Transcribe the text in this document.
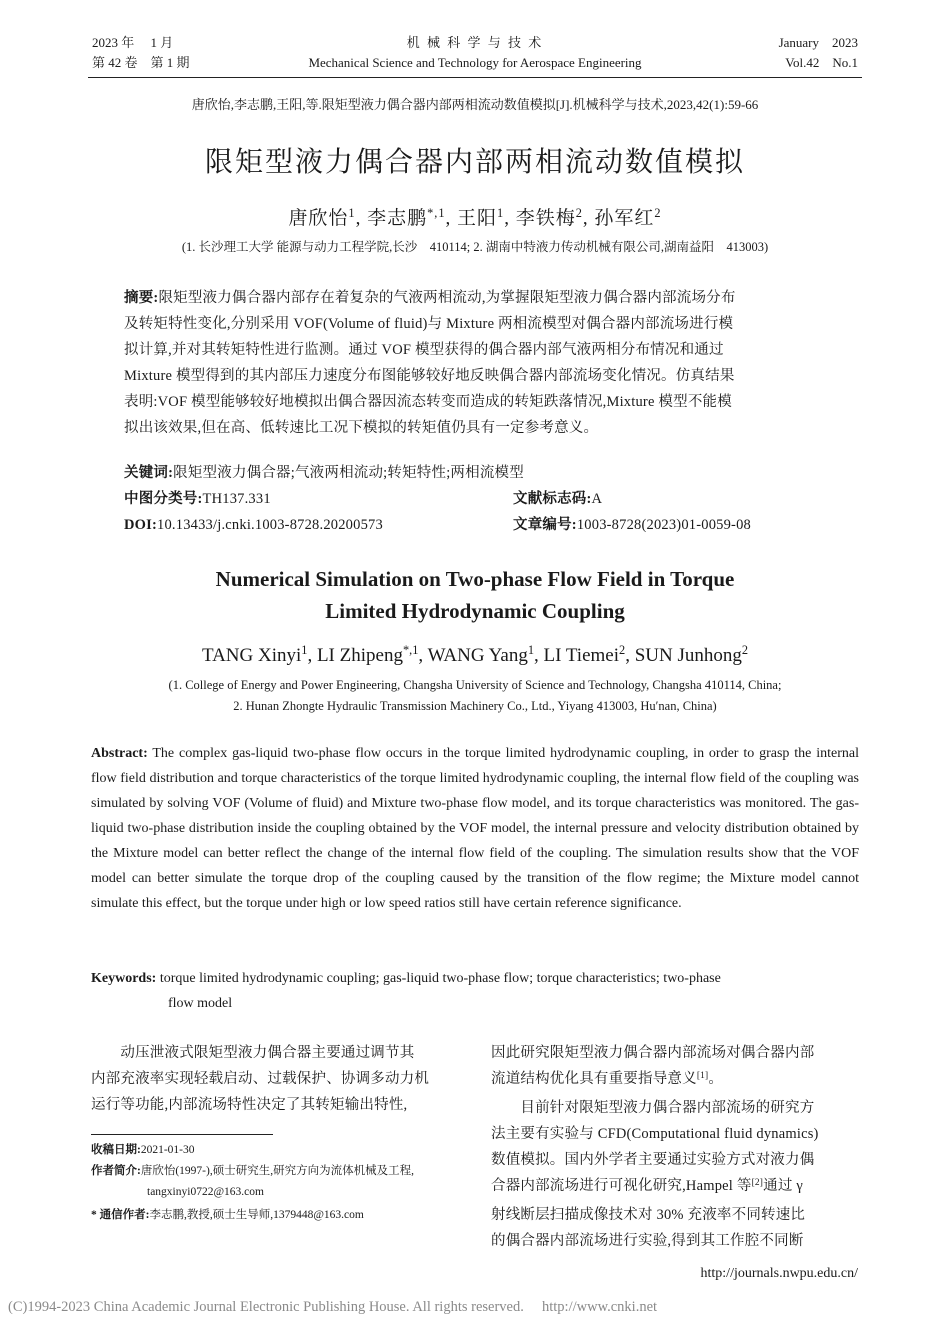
2023 年　 1 月
第 42 卷　第 1 期
机 械 科 学 与 技 术
Mechanical Science and Technology for Aerospace Engineering
January　2023
Vol.42　No.1
唐欣怡,李志鹏,王阳,等.限矩型液力偶合器内部两相流动数值模拟[J].机械科学与技术,2023,42(1):59-66
限矩型液力偶合器内部两相流动数值模拟
唐欣怡$^1$, 李志鹏$^{*,1}$, 王阳$^1$, 李铁梅$^2$, 孙军红$^2$
(1. 长沙理工大学 能源与动力工程学院,长沙　410114; 2. 湖南中特液力传动机械有限公司,湖南益阳　413003)
摘要:限矩型液力偶合器内部存在着复杂的气液两相流动,为掌握限矩型液力偶合器内部流场分布
及转矩特性变化,分别采用 VOF(Volume of fluid)与 Mixture 两相流模型对偶合器内部流场进行模
拟计算,并对其转矩特性进行监测。通过 VOF 模型获得的偶合器内部气液两相分布情况和通过
Mixture 模型得到的其内部压力速度分布图能够较好地反映偶合器内部流场变化情况。仿真结果
表明:VOF 模型能够较好地模拟出偶合器因流态转变而造成的转矩跌落情况,Mixture 模型不能模
拟出该效果,但在高、低转速比工况下模拟的转矩值仍具有一定参考意义。
关键词:限矩型液力偶合器;气液两相流动;转矩特性;两相流模型
中图分类号:TH137.331	文献标志码:A
DOI:10.13433/j.cnki.1003-8728.20200573	文章编号:1003-8728(2023)01-0059-08
Numerical Simulation on Two-phase Flow Field in Torque
Limited Hydrodynamic Coupling
TANG Xinyi$^1$, LI Zhipeng$^{*,1}$, WANG Yang$^1$, LI Tiemei$^2$, SUN Junhong$^2$
(1. College of Energy and Power Engineering, Changsha University of Science and Technology, Changsha 410114, China;
2. Hunan Zhongte Hydraulic Transmission Machinery Co., Ltd., Yiyang 413003, Hu′nan, China)
Abstract: The complex gas-liquid two-phase flow occurs in the torque limited hydrodynamic coupling, in order to grasp the internal flow field distribution and torque characteristics of the torque limited hydrodynamic coupling, the internal flow field of the coupling was simulated by solving VOF (Volume of fluid) and Mixture two-phase flow model, and its torque characteristics was monitored. The gas-liquid two-phase distribution inside the coupling obtained by the VOF model, the internal pressure and velocity distribution obtained by the Mixture model can better reflect the change of the internal flow field of the coupling. The simulation results show that the VOF model can better simulate the torque drop of the coupling caused by the transition of the flow regime; the Mixture model cannot simulate this effect, but the torque under high or low speed ratios still have certain reference significance.
Keywords: torque limited hydrodynamic coupling; gas-liquid two-phase flow; torque characteristics; two-phase
flow model
　　动压泄液式限矩型液力偶合器主要通过调节其
内部充液率实现轻载启动、过载保护、协调多动力机
运行等功能,内部流场特性决定了其转矩输出特性,
收稿日期:2021-01-30
作者简介:唐欣怡(1997-),硕士研究生,研究方向为流体机械及工程,
tangxinyi0722@163.com
* 通信作者:李志鹏,教授,硕士生导师,1379448@163.com
因此研究限矩型液力偶合器内部流场对偶合器内部
流道结构优化具有重要指导意义[1]。
　　目前针对限矩型液力偶合器内部流场的研究方
法主要有实验与 CFD(Computational fluid dynamics)
数值模拟。国内外学者主要通过实验方式对液力偶
合器内部流场进行可视化研究,Hampel 等[2]通过 γ
射线断层扫描成像技术对 30% 充液率不同转速比
的偶合器内部流场进行实验,得到其工作腔不同断
http://journals.nwpu.edu.cn/
(C)1994-2023 China Academic Journal Electronic Publishing House. All rights reserved.　 http://www.cnki.net
